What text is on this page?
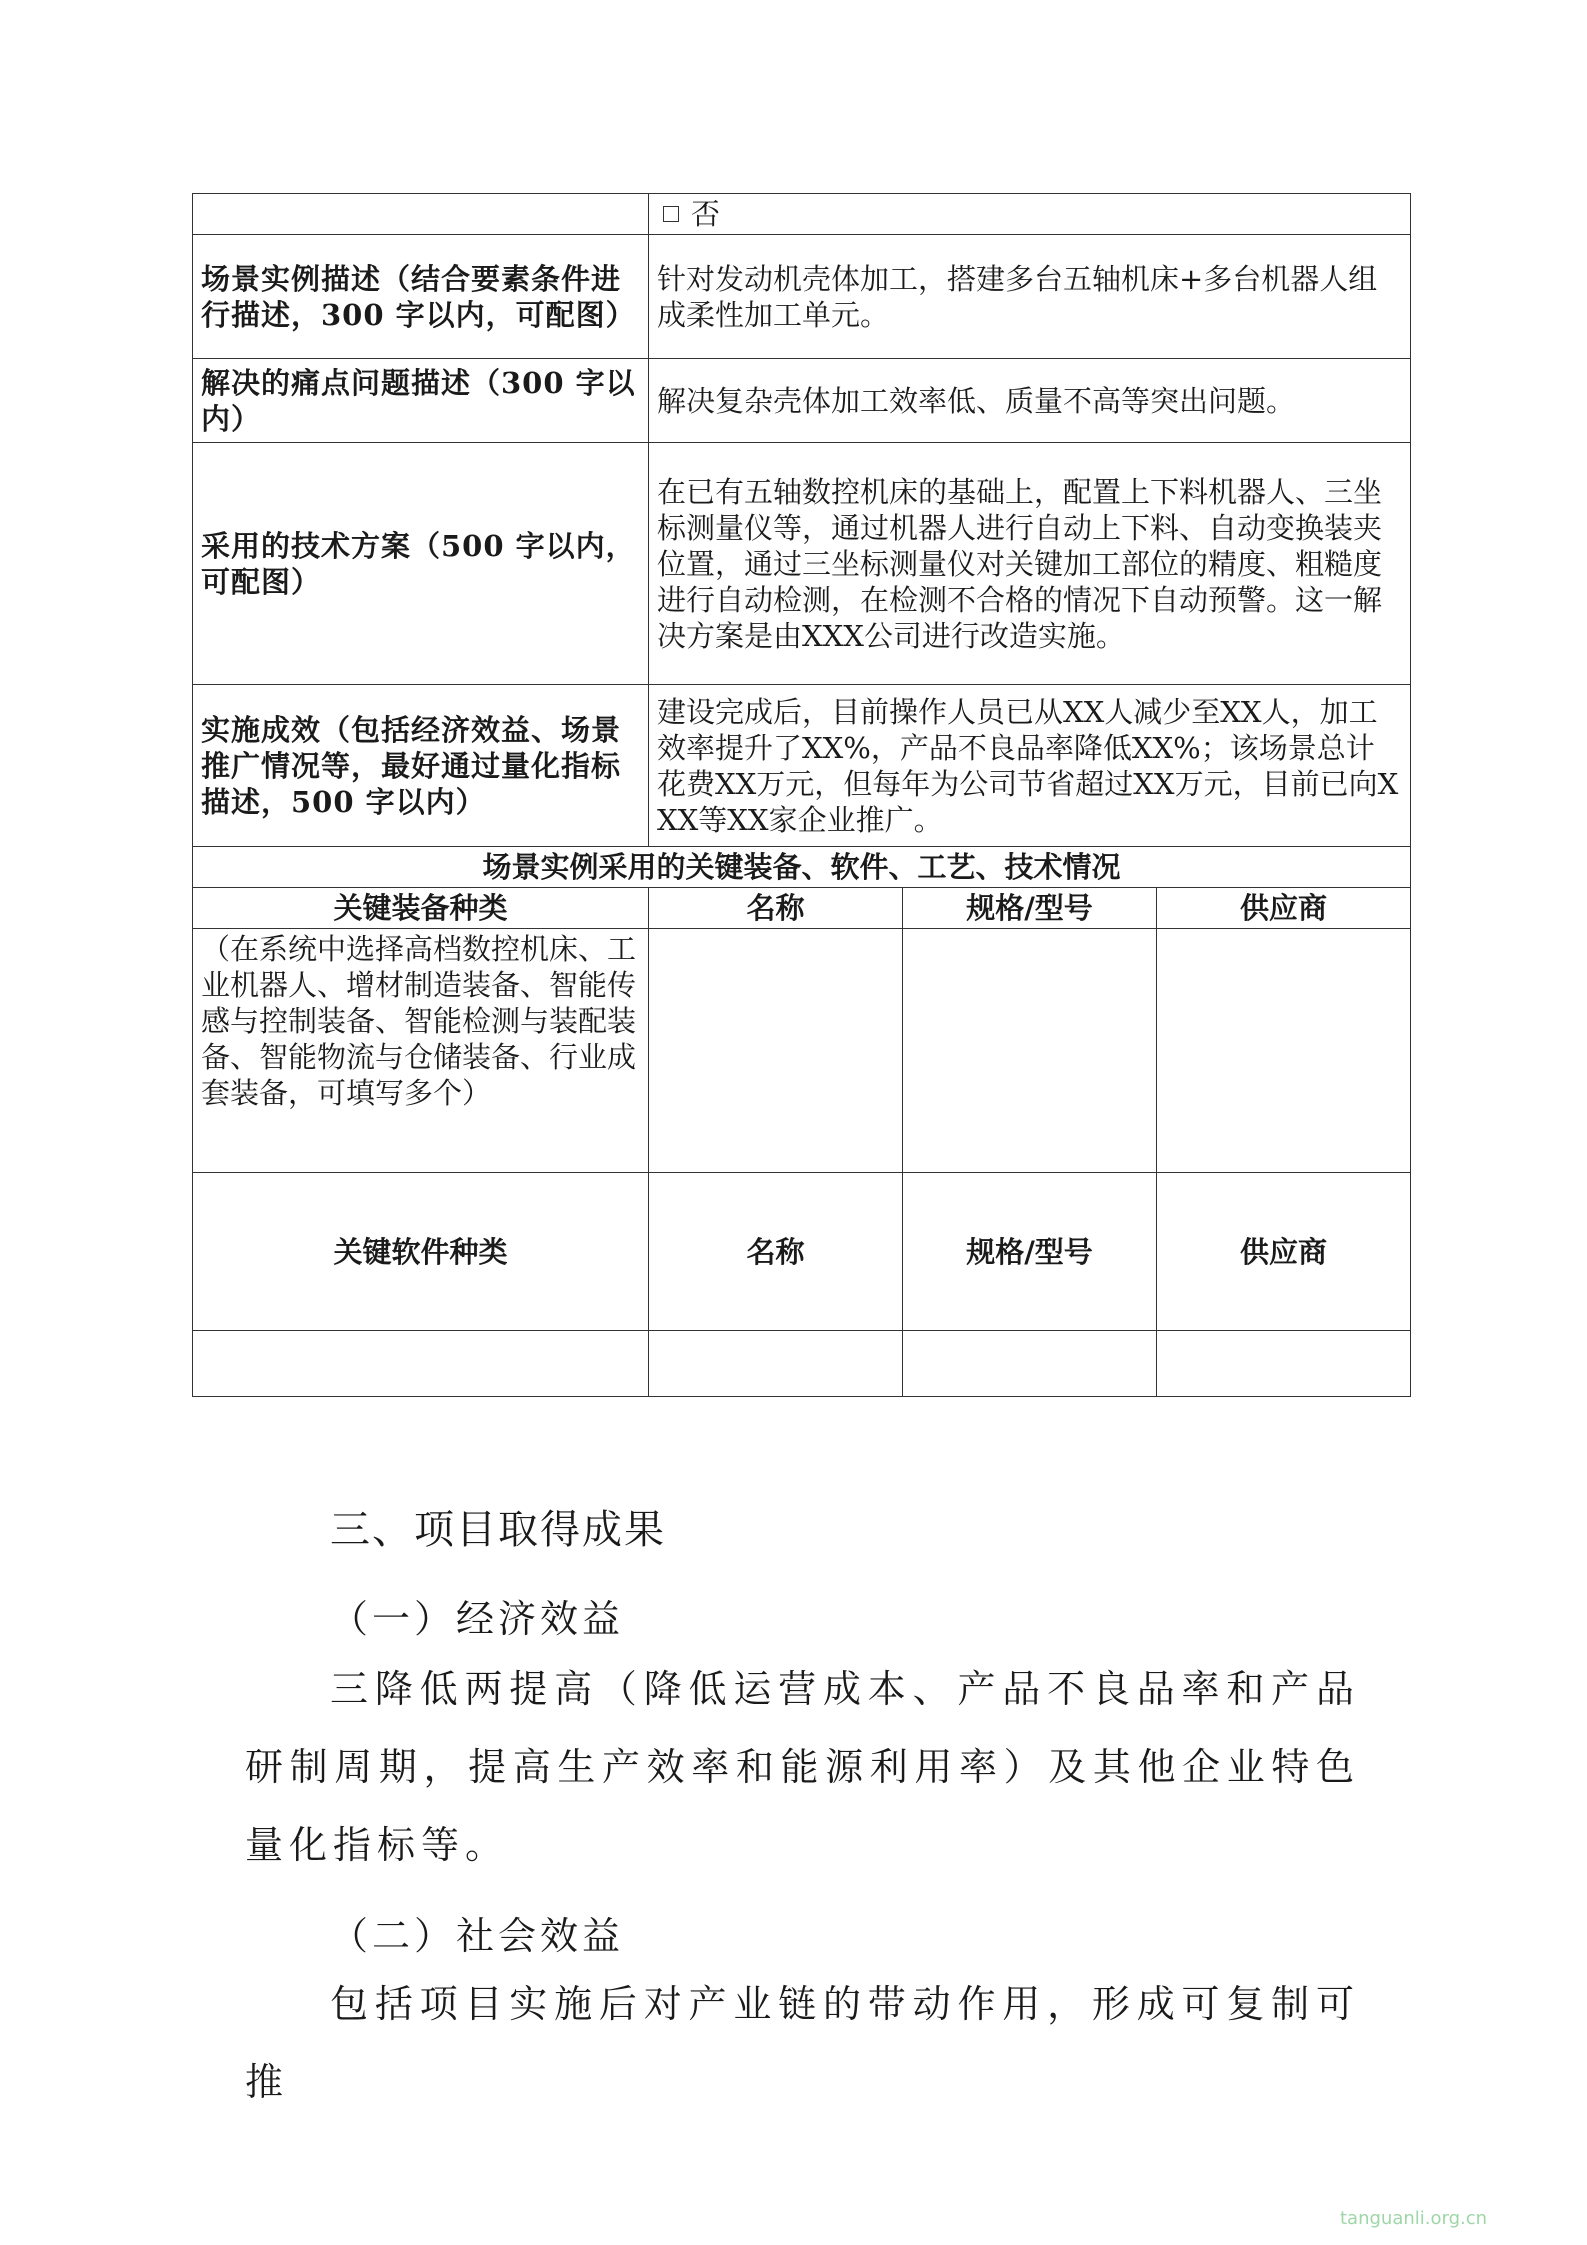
	否		
场景实例描述（结合要素条件进行描述，300 字以内，可配图）	针对发动机壳体加工，搭建多台五轴机床+多台机器人组成柔性加工单元。		
解决的痛点问题描述（300 字以内）	解决复杂壳体加工效率低、质量不高等突出问题。		
采用的技术方案（500 字以内，可配图）	在已有五轴数控机床的基础上，配置上下料机器人、三坐标测量仪等，通过机器人进行自动上下料、自动变换装夹位置，通过三坐标测量仪对关键加工部位的精度、粗糙度进行自动检测，在检测不合格的情况下自动预警。这一解决方案是由XXX公司进行改造实施。		
实施成效（包括经济效益、场景推广情况等，最好通过量化指标描述，500 字以内）	建设完成后，目前操作人员已从XX人减少至XX人，加工效率提升了XX%，产品不良品率降低XX%；该场景总计花费XX万元，但每年为公司节省超过XX万元，目前已向XXX等XX家企业推广。		
场景实例采用的关键装备、软件、工艺、技术情况			
关键装备种类	名称	规格/型号	供应商
（在系统中选择高档数控机床、工业机器人、增材制造装备、智能传感与控制装备、智能检测与装配装备、智能物流与仓储装备、行业成套装备，可填写多个）			
关键软件种类	名称	规格/型号	供应商

三、项目取得成果
（一）经济效益
三降低两提高（降低运营成本、产品不良品率和产品研制周期，提高生产效率和能源利用率）及其他企业特色量化指标等。
（二）社会效益
包括项目实施后对产业链的带动作用，形成可复制可推
tanguanli.org.cn
